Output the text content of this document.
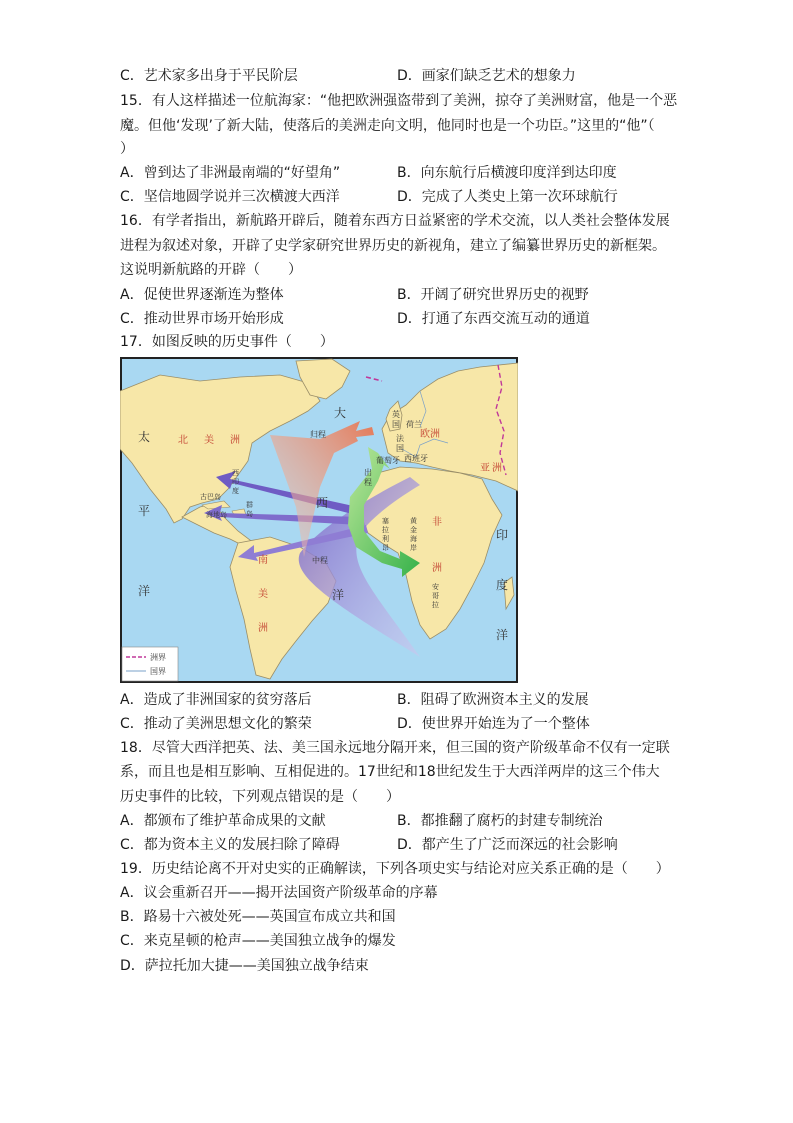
C．艺术家多出身于平民阶层	D．画家们缺乏艺术的想象力
15．有人这样描述一位航海家：“他把欧洲强盗带到了美洲，掠夺了美洲财富，他是一个恶
魔。但他‘发现’了新大陆，使落后的美洲走向文明，他同时也是一个功臣。”这里的“他”（
）
A．曾到达了非洲最南端的“好望角”	B．向东航行后横渡印度洋到达印度
C．坚信地圆学说并三次横渡大西洋	D．完成了人类史上第一次环球航行
16．有学者指出，新航路开辟后，随着东西方日益紧密的学术交流，以人类社会整体发展
进程为叙述对象，开辟了史学家研究世界历史的新视角，建立了编纂世界历史的新框架。
这说明新航路的开辟（　　）
A．促使世界逐渐连为整体	B．开阔了研究世界历史的视野
C．推动世界市场开始形成	D．打通了东西交流互动的通道
17．如图反映的历史事件（　　）
太
平
洋
大
西
洋
印
度
洋
北 美 洲
南
美
洲
欧洲
亚 洲
非
洲
英
国 荷兰
法
国
葡萄牙 西班牙
归程
出
程
中程
塞
拉
利
昂
黄
金
海
岸
安
哥
拉
古巴岛
海地岛
西
印
度
群
岛
洲界
国界
A．造成了非洲国家的贫穷落后	B．阻碍了欧洲资本主义的发展
C．推动了美洲思想文化的繁荣	D．使世界开始连为了一个整体
18．尽管大西洋把英、法、美三国永远地分隔开来，但三国的资产阶级革命不仅有一定联
系，而且也是相互影响、互相促进的。17世纪和18世纪发生于大西洋两岸的这三个伟大
历史事件的比较，下列观点错误的是（　　）
A．都颁布了维护革命成果的文献	B．都推翻了腐朽的封建专制统治
C．都为资本主义的发展扫除了障碍	D．都产生了广泛而深远的社会影响
19．历史结论离不开对史实的正确解读，下列各项史实与结论对应关系正确的是（　　）
A．议会重新召开——揭开法国资产阶级革命的序幕
B．路易十六被处死——英国宣布成立共和国
C．来克星顿的枪声——美国独立战争的爆发
D．萨拉托加大捷——美国独立战争结束
